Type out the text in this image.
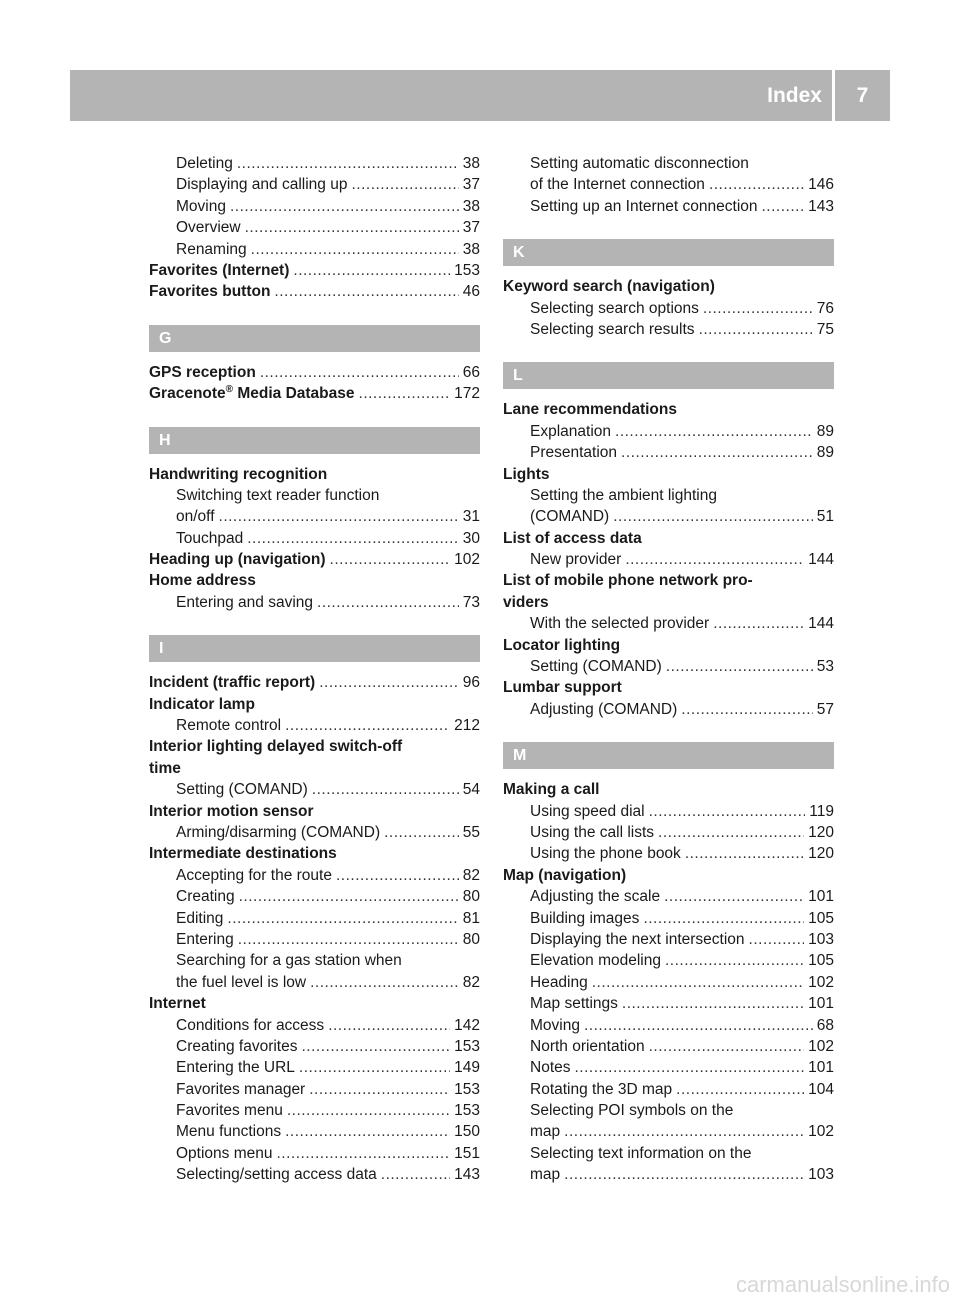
Index	7
Deleting .....	38
Displaying and calling up .....	37
Moving .....	38
Overview .....	37
Renaming .....	38
Favorites (Internet) .....	153
Favorites button .....	46
G
GPS reception .....	66
Gracenote® Media Database .....	172
H
Handwriting recognition
Switching text reader function
on/off .....	31
Touchpad .....	30
Heading up (navigation) .....	102
Home address
Entering and saving .....	73
I
Incident (traffic report) .....	96
Indicator lamp
Remote control .....	212
Interior lighting delayed switch-off
time
Setting (COMAND) .....	54
Interior motion sensor
Arming/disarming (COMAND) .....	55
Intermediate destinations
Accepting for the route .....	82
Creating .....	80
Editing .....	81
Entering .....	80
Searching for a gas station when
the fuel level is low .....	82
Internet
Conditions for access .....	142
Creating favorites .....	153
Entering the URL .....	149
Favorites manager .....	153
Favorites menu .....	153
Menu functions .....	150
Options menu .....	151
Selecting/setting access data .....	143
Setting automatic disconnection
of the Internet connection .....	146
Setting up an Internet connection .....	143
K
Keyword search (navigation)
Selecting search options .....	76
Selecting search results .....	75
L
Lane recommendations
Explanation .....	89
Presentation .....	89
Lights
Setting the ambient lighting
(COMAND) .....	51
List of access data
New provider .....	144
List of mobile phone network pro-
viders
With the selected provider .....	144
Locator lighting
Setting (COMAND) .....	53
Lumbar support
Adjusting (COMAND) .....	57
M
Making a call
Using speed dial .....	119
Using the call lists .....	120
Using the phone book .....	120
Map (navigation)
Adjusting the scale .....	101
Building images .....	105
Displaying the next intersection .....	103
Elevation modeling .....	105
Heading .....	102
Map settings .....	101
Moving .....	68
North orientation .....	102
Notes .....	101
Rotating the 3D map .....	104
Selecting POI symbols on the
map .....	102
Selecting text information on the
map .....	103
carmanualsonline.info
